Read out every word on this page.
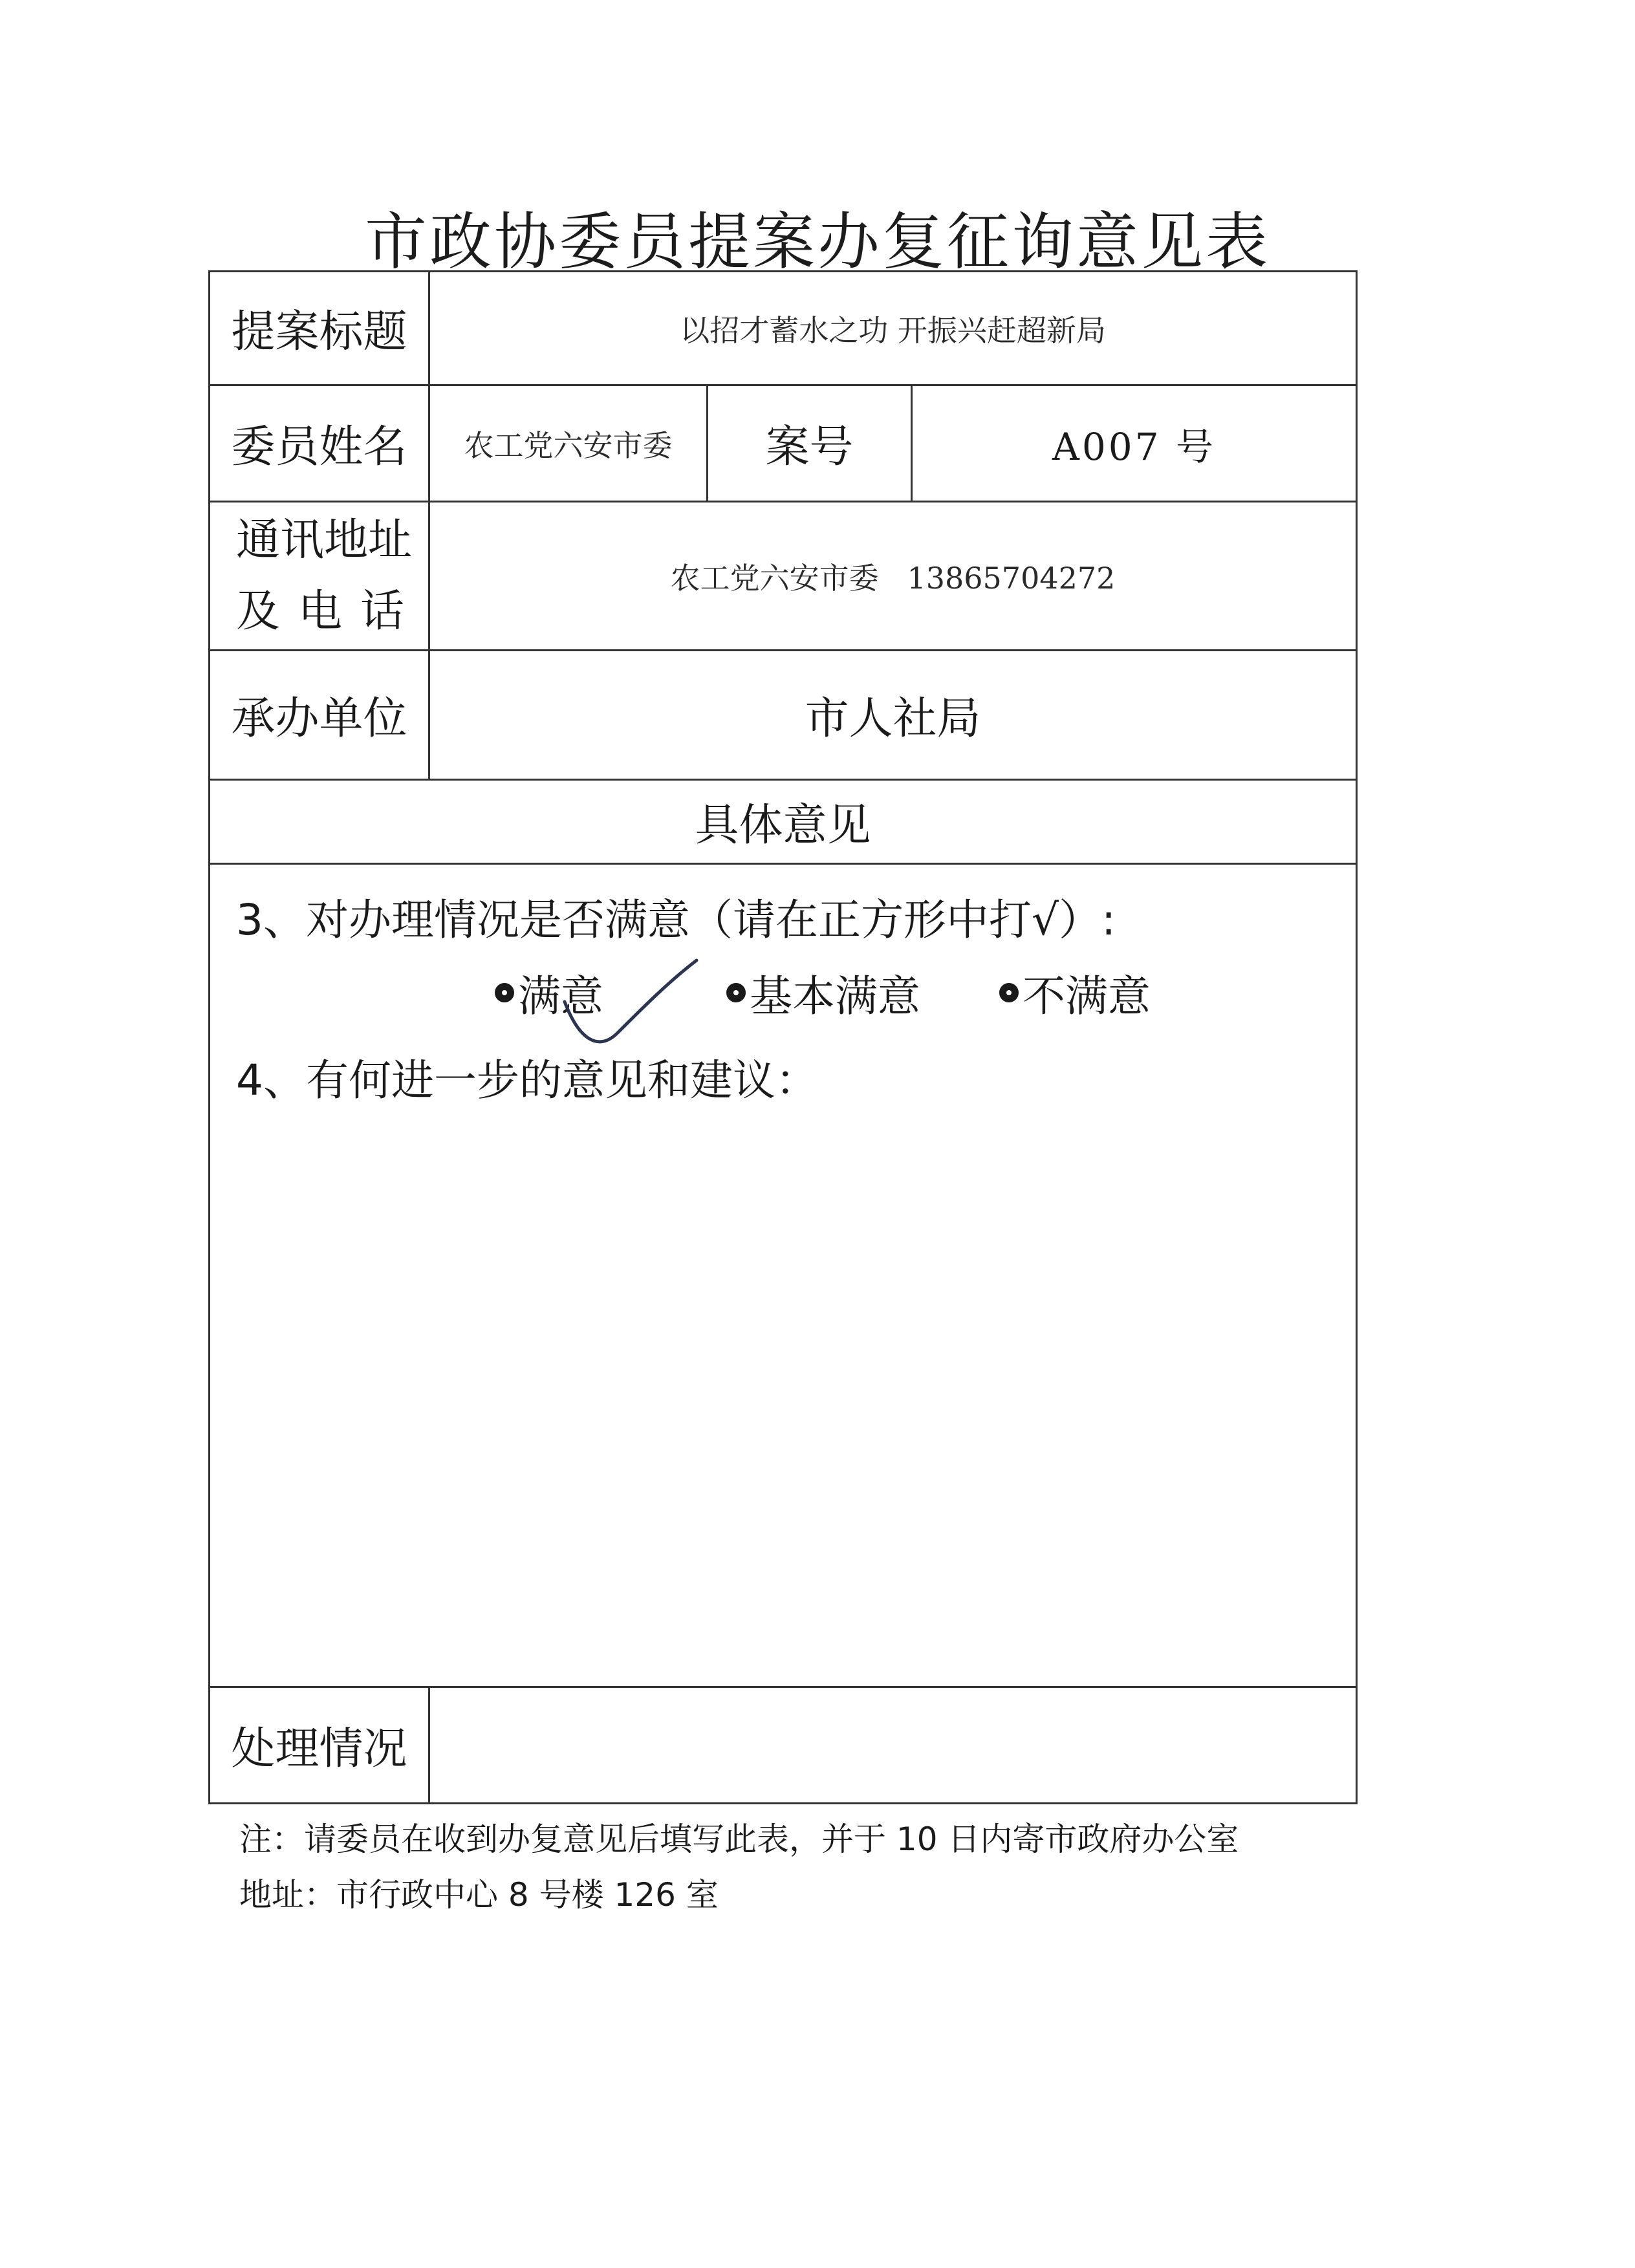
市政协委员提案办复征询意见表
提案标题	以招才蓄水之功 开振兴赶超新局		
委员姓名	农工党六安市委	案号	A007 号

通讯地址
及电话	农工党六安市委   13865704272		
承办单位	市人社局		
具体意见			

3、对办理情况是否满意（请在正方形中打√）:
满意 基本满意 不满意
4、有何进一步的意见和建议：			

处理情况			
注：请委员在收到办复意见后填写此表，并于 10 日内寄市政府办公室
地址：市行政中心 8 号楼 126 室
